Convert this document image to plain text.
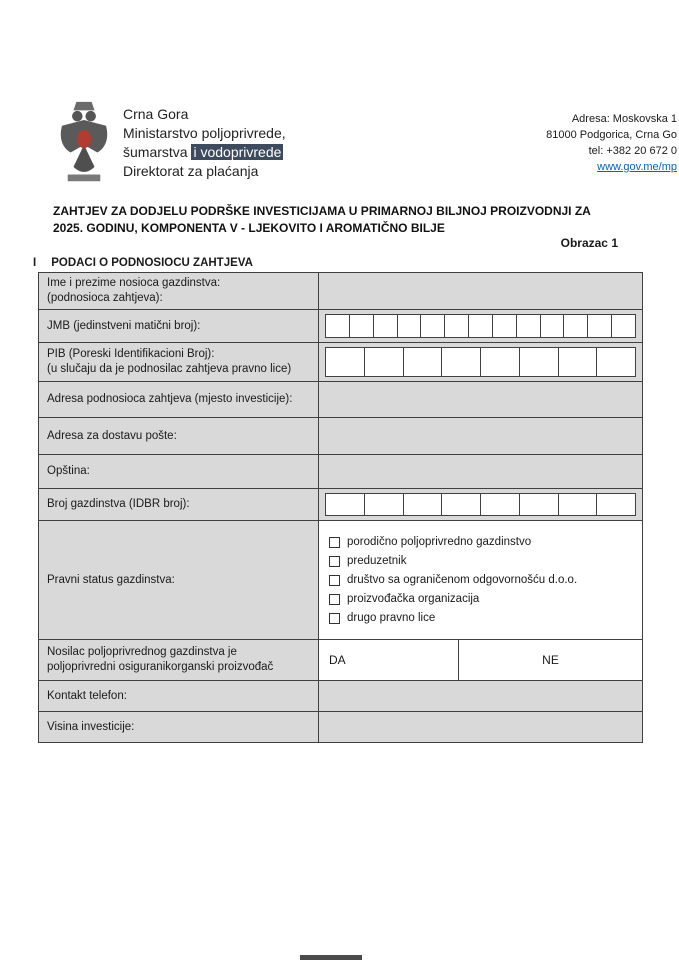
Crna Gora
Ministarstvo poljoprivrede,
šumarstva i vodoprivrede
Direktorat za plaćanja
Adresa: Moskovska 1
81000 Podgorica, Crna Go
tel: +382 20 672 0
www.gov.me/mp
ZAHTJEV ZA DODJELU PODRŠKE INVESTICIJAMA U PRIMARNOJ BILJNOJ PROIZVODNJI ZA
2025. GODINU, KOMPONENTA V - LJEKOVITO I AROMATIČNO BILJE
Obrazac 1
I PODACI O PODNOSIOCU ZAHTJEVA
Ime i prezime nosioca gazdinstva:
(podnosioca zahtjeva):
JMB (jedinstveni matični broj):
PIB (Poreski Identifikacioni Broj):
(u slučaju da je podnosilac zahtjeva pravno lice)
Adresa podnosioca zahtjeva (mjesto investicije):
Adresa za dostavu pošte:
Opština:
Broj gazdinstva (IDBR broj):
Pravni status gazdinstva:
porodično poljoprivredno gazdinstvo
preduzetnik
društvo sa ograničenom odgovornošću d.o.o.
proizvođačka organizacija
drugo pravno lice
Nosilac poljoprivrednog gazdinstva je
poljoprivredni osiguranikorganski proizvođač	DA	NE
Kontakt telefon:
Visina investicije:
